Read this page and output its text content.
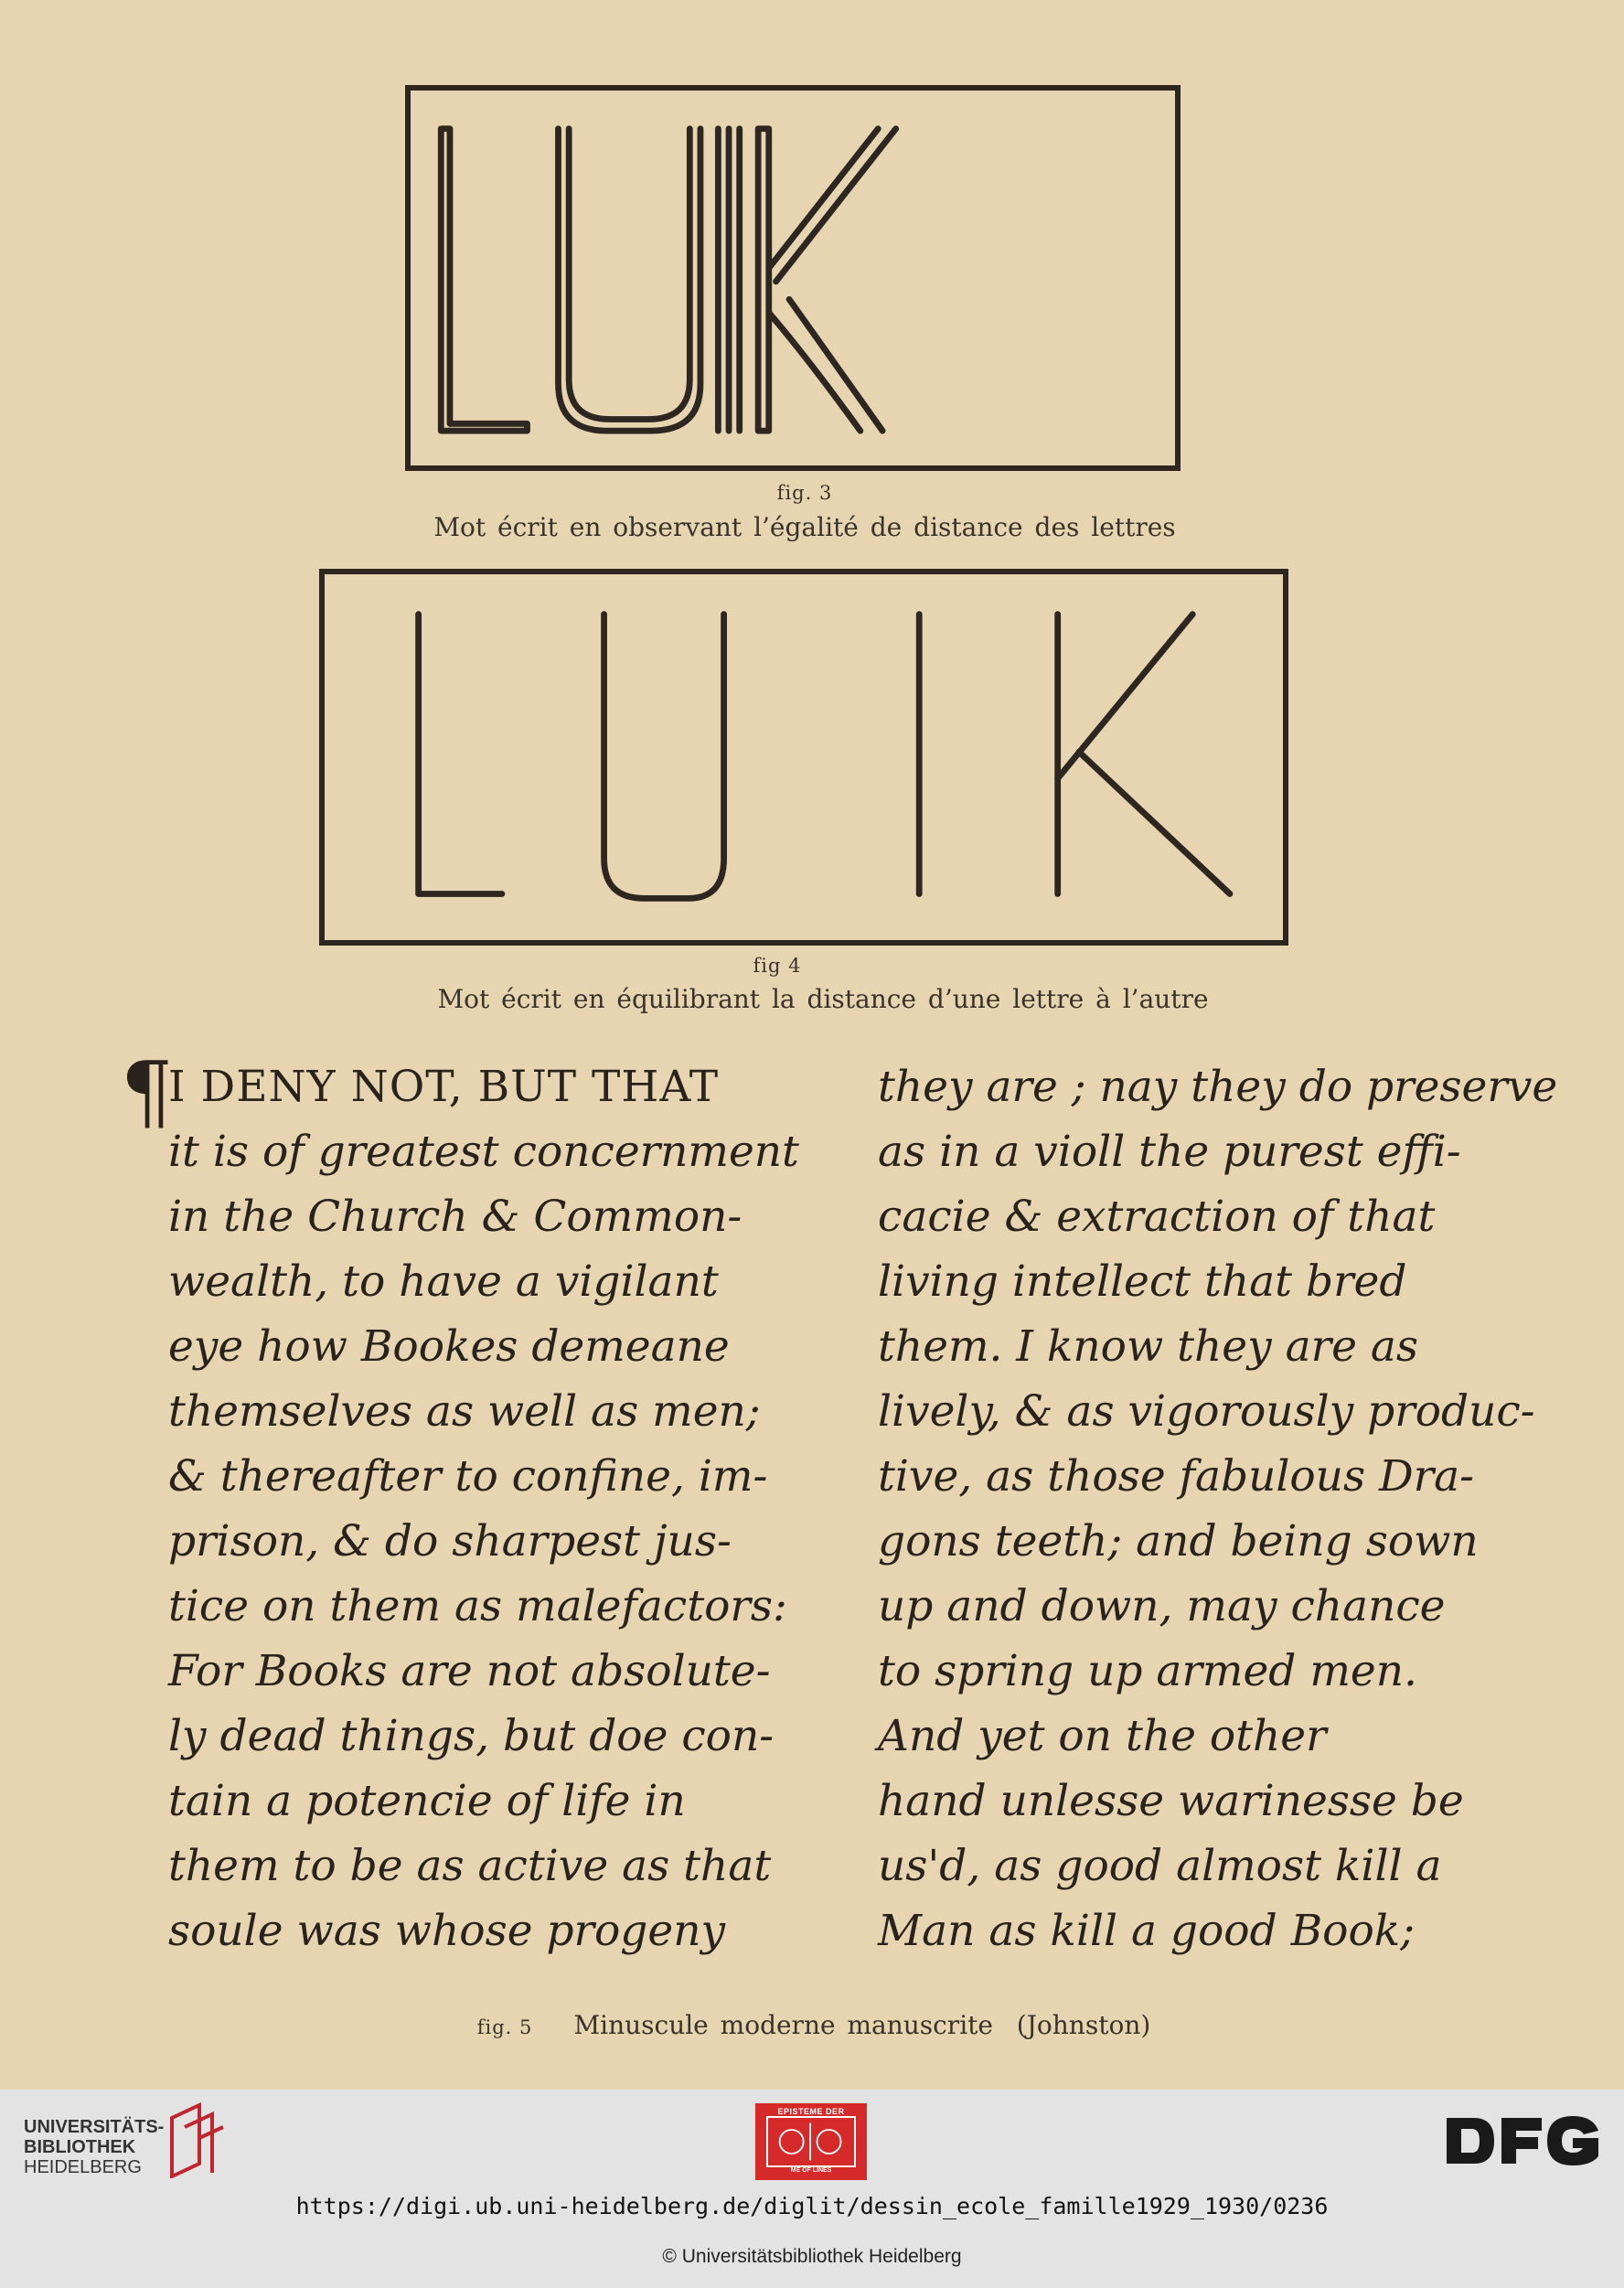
fig. 3
Mot écrit en observant l’égalité de distance des lettres
fig 4
Mot écrit en équilibrant la distance d’une lettre à l’autre
¶
I DENY NOT, BUT THAT
it is of greatest concernment
in the Church & Common-
wealth, to have a vigilant
eye how Bookes demeane
themselves as well as men;
& thereafter to confine, im-
prison, & do sharpest jus-
tice on them as malefactors:
For Books are not absolute-
ly dead things, but doe con-
tain a potencie of life in
them to be as active as that
soule was whose progeny
they are ; nay they do preserve
as in a violl the purest effi-
cacie & extraction of that
living intellect that bred
them. I know they are as
lively, & as vigorously produc-
tive, as those fabulous Dra-
gons teeth; and being sown
up and down, may chance
to spring up armed men.
And yet on the other
hand unlesse warinesse be
us'd, as good almost kill a
Man as kill a good Book;
fig. 5 Minuscule moderne manuscrite  (Johnston)
UNIVERSITÄTS-
BIBLIOTHEK
HEIDELBERG
EPISTEME DER
ME OF LINES
https://digi.ub.uni-heidelberg.de/diglit/dessin_ecole_famille1929_1930/0236
© Universitätsbibliothek Heidelberg
